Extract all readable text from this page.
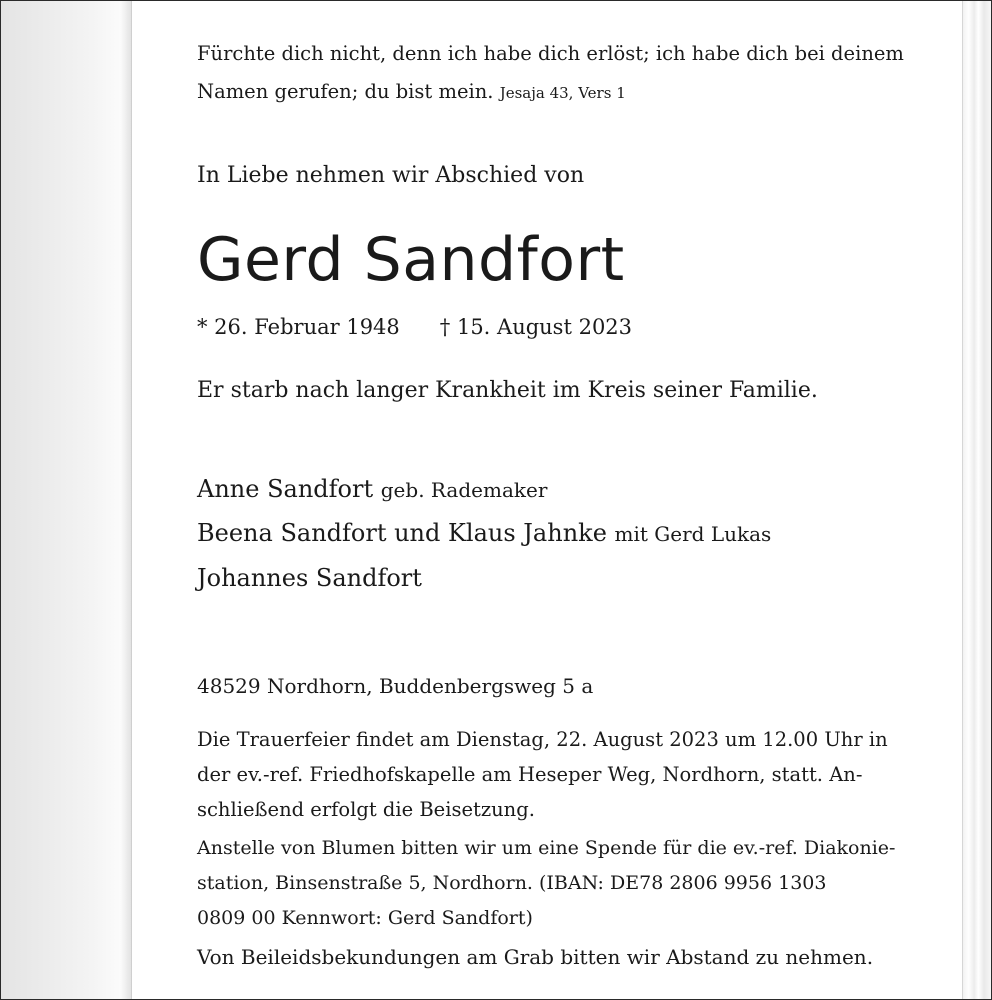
Fürchte dich nicht, denn ich habe dich erlöst; ich habe dich bei deinem
Namen gerufen; du bist mein. Jesaja 43, Vers 1
In Liebe nehmen wir Abschied von
Gerd Sandfort
* 26. Februar 1948 † 15. August 2023
Er starb nach langer Krankheit im Kreis seiner Familie.
Anne Sandfort geb. Rademaker
Beena Sandfort und Klaus Jahnke mit Gerd Lukas
Johannes Sandfort
48529 Nordhorn, Buddenbergsweg 5 a
Die Trauerfeier findet am Dienstag, 22. August 2023 um 12.00 Uhr in
der ev.-ref. Friedhofskapelle am Heseper Weg, Nordhorn, statt. An-
schließend erfolgt die Beisetzung.
Anstelle von Blumen bitten wir um eine Spende für die ev.-ref. Diakonie-
station, Binsenstraße 5, Nordhorn. (IBAN: DE78 2806 9956 1303
0809 00 Kennwort: Gerd Sandfort)
Von Beileidsbekundungen am Grab bitten wir Abstand zu nehmen.
